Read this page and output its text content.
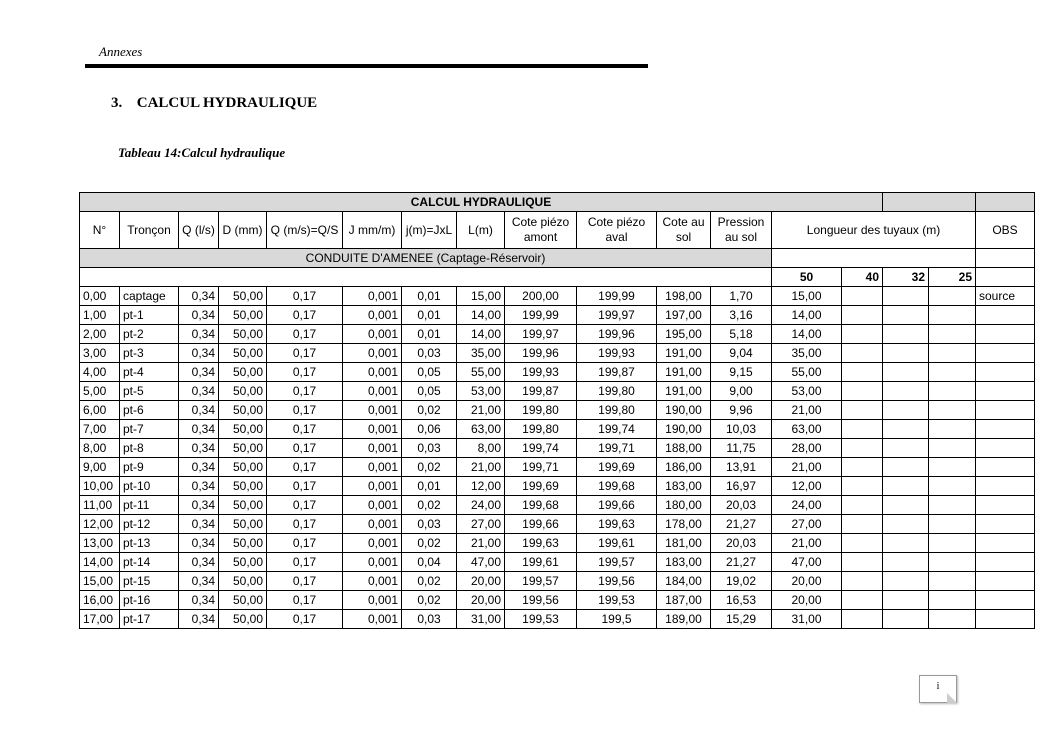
Annexes
3. CALCUL HYDRAULIQUE
Tableau 14:Calcul hydraulique
CALCUL HYDRAULIQUE																
N°	Tronçon	Q (l/s)	D (mm)	Q (m/s)=Q/S	J mm/m)	j(m)=JxL	L(m)	Cote piézo amont	Cote piézo aval	Cote au sol	Pression au sol	Longueur des tuyaux (m)				OBS
CONDUITE D'AMENEE (Captage-Réservoir)																
												50	40	32	25	
0,00	captage	0,34	50,00	0,17	0,001	0,01	15,00	200,00	199,99	198,00	1,70	15,00				source
1,00	pt-1	0,34	50,00	0,17	0,001	0,01	14,00	199,99	199,97	197,00	3,16	14,00				
2,00	pt-2	0,34	50,00	0,17	0,001	0,01	14,00	199,97	199,96	195,00	5,18	14,00				
3,00	pt-3	0,34	50,00	0,17	0,001	0,03	35,00	199,96	199,93	191,00	9,04	35,00				
4,00	pt-4	0,34	50,00	0,17	0,001	0,05	55,00	199,93	199,87	191,00	9,15	55,00				
5,00	pt-5	0,34	50,00	0,17	0,001	0,05	53,00	199,87	199,80	191,00	9,00	53,00				
6,00	pt-6	0,34	50,00	0,17	0,001	0,02	21,00	199,80	199,80	190,00	9,96	21,00				
7,00	pt-7	0,34	50,00	0,17	0,001	0,06	63,00	199,80	199,74	190,00	10,03	63,00				
8,00	pt-8	0,34	50,00	0,17	0,001	0,03	8,00	199,74	199,71	188,00	11,75	28,00				
9,00	pt-9	0,34	50,00	0,17	0,001	0,02	21,00	199,71	199,69	186,00	13,91	21,00				
10,00	pt-10	0,34	50,00	0,17	0,001	0,01	12,00	199,69	199,68	183,00	16,97	12,00				
11,00	pt-11	0,34	50,00	0,17	0,001	0,02	24,00	199,68	199,66	180,00	20,03	24,00				
12,00	pt-12	0,34	50,00	0,17	0,001	0,03	27,00	199,66	199,63	178,00	21,27	27,00				
13,00	pt-13	0,34	50,00	0,17	0,001	0,02	21,00	199,63	199,61	181,00	20,03	21,00				
14,00	pt-14	0,34	50,00	0,17	0,001	0,04	47,00	199,61	199,57	183,00	21,27	47,00				
15,00	pt-15	0,34	50,00	0,17	0,001	0,02	20,00	199,57	199,56	184,00	19,02	20,00				
16,00	pt-16	0,34	50,00	0,17	0,001	0,02	20,00	199,56	199,53	187,00	16,53	20,00				
17,00	pt-17	0,34	50,00	0,17	0,001	0,03	31,00	199,53	199,5	189,00	15,29	31,00				
i
